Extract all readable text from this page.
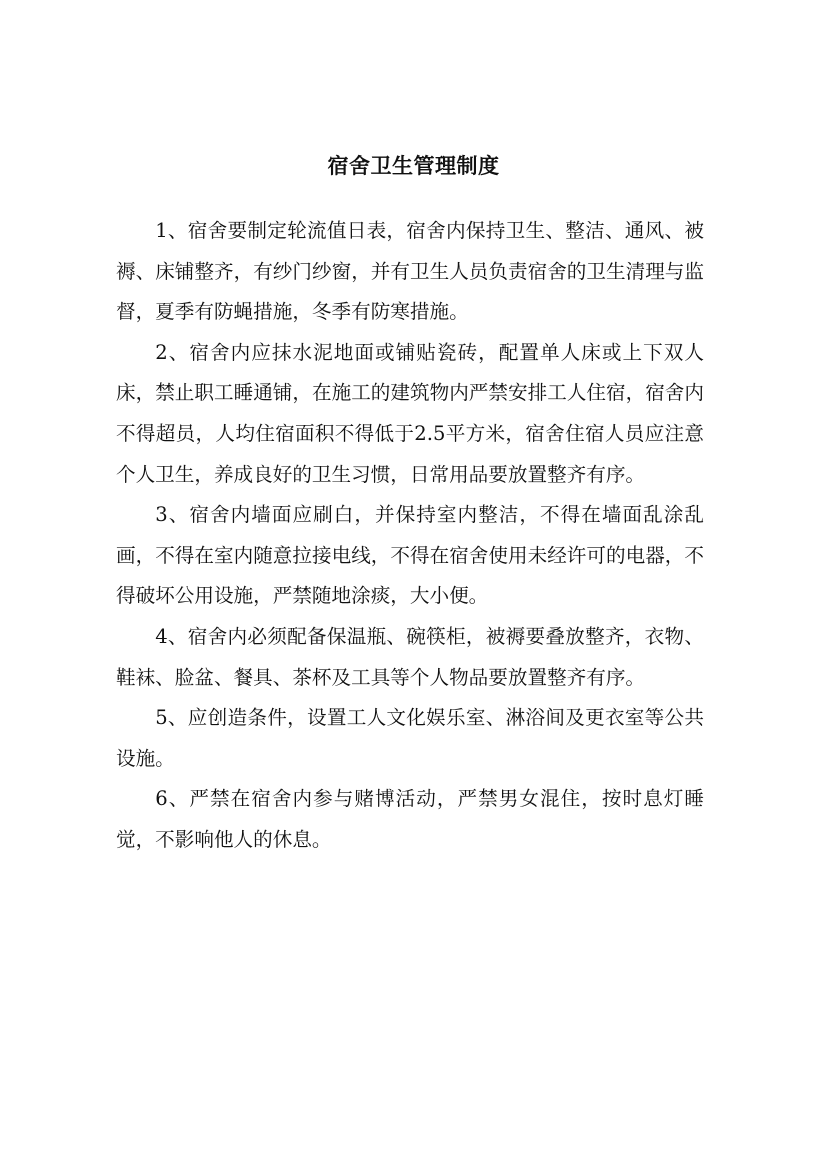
宿舍卫生管理制度

1、宿舍要制定轮流值日表，宿舍内保持卫生、整洁、通风、被褥、床铺整齐，有纱门纱窗，并有卫生人员负责宿舍的卫生清理与监督，夏季有防蝇措施，冬季有防寒措施。

2、宿舍内应抹水泥地面或铺贴瓷砖，配置单人床或上下双人床，禁止职工睡通铺，在施工的建筑物内严禁安排工人住宿，宿舍内不得超员，人均住宿面积不得低于2.5平方米，宿舍住宿人员应注意个人卫生，养成良好的卫生习惯，日常用品要放置整齐有序。

3、宿舍内墙面应刷白，并保持室内整洁，不得在墙面乱涂乱画，不得在室内随意拉接电线，不得在宿舍使用未经许可的电器，不得破坏公用设施，严禁随地涂痰，大小便。

4、宿舍内必须配备保温瓶、碗筷柜，被褥要叠放整齐，衣物、鞋袜、脸盆、餐具、茶杯及工具等个人物品要放置整齐有序。

5、应创造条件，设置工人文化娱乐室、淋浴间及更衣室等公共设施。

6、严禁在宿舍内参与赌博活动，严禁男女混住，按时息灯睡觉，不影响他人的休息。
